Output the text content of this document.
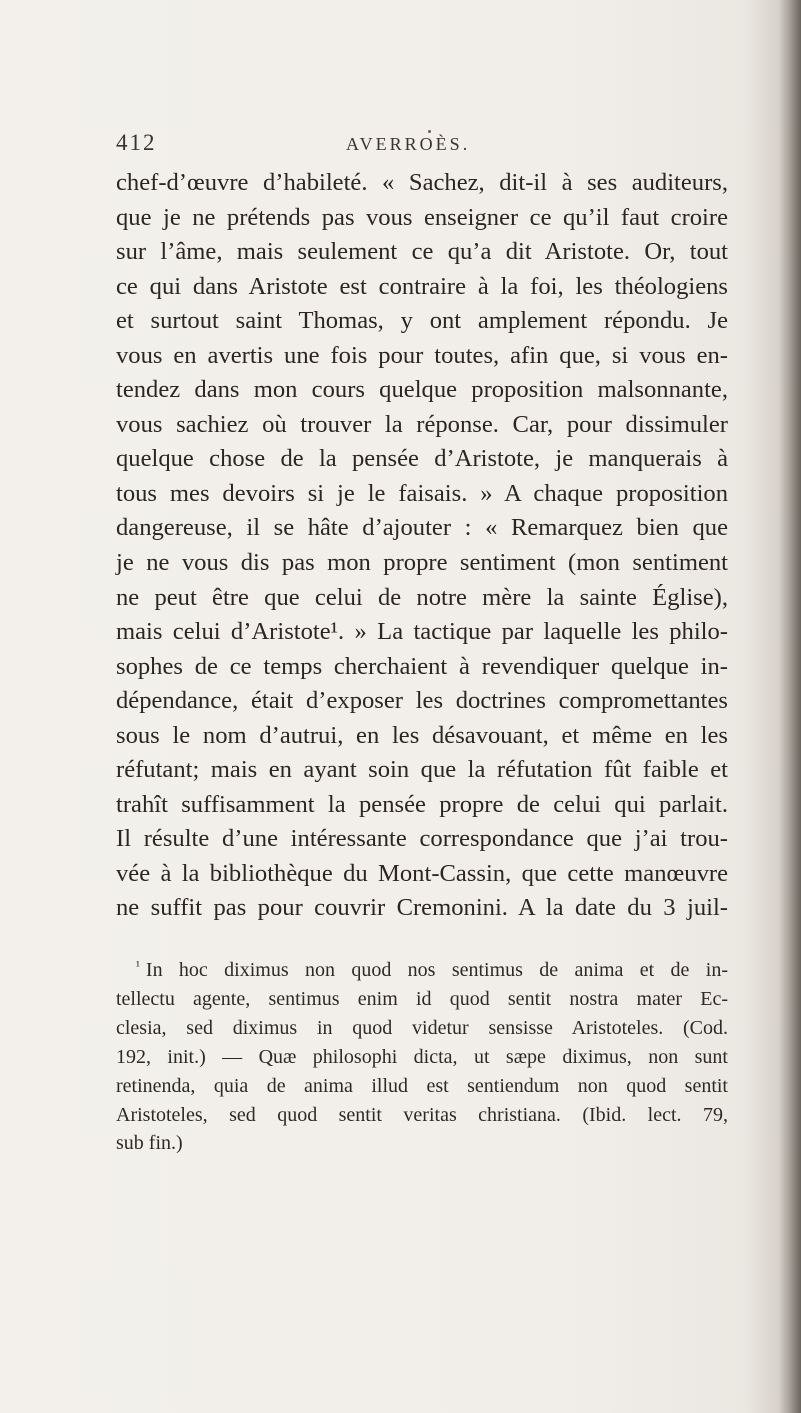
412	AVERROÈS.
chef-d’œuvre d’habileté. « Sachez, dit-il à ses auditeurs,
que je ne prétends pas vous enseigner ce qu’il faut croire
sur l’âme, mais seulement ce qu’a dit Aristote. Or, tout
ce qui dans Aristote est contraire à la foi, les théologiens
et surtout saint Thomas, y ont amplement répondu. Je
vous en avertis une fois pour toutes, afin que, si vous en-
tendez dans mon cours quelque proposition malsonnante,
vous sachiez où trouver la réponse. Car, pour dissimuler
quelque chose de la pensée d’Aristote, je manquerais à
tous mes devoirs si je le faisais. » A chaque proposition
dangereuse, il se hâte d’ajouter : « Remarquez bien que
je ne vous dis pas mon propre sentiment (mon sentiment
ne peut être que celui de notre mère la sainte Église),
mais celui d’Aristote¹. » La tactique par laquelle les philo-
sophes de ce temps cherchaient à revendiquer quelque in-
dépendance, était d’exposer les doctrines compromettantes
sous le nom d’autrui, en les désavouant, et même en les
réfutant; mais en ayant soin que la réfutation fût faible et
trahît suffisamment la pensée propre de celui qui parlait.
Il résulte d’une intéressante correspondance que j’ai trou-
vée à la bibliothèque du Mont-Cassin, que cette manœuvre
ne suffit pas pour couvrir Cremonini. A la date du 3 juil-
$^{^1}$ In hoc diximus non quod nos sentimus de anima et de in-
tellectu agente, sentimus enim id quod sentit nostra mater Ec-
clesia, sed diximus in quod videtur sensisse Aristoteles. (Cod.
192, init.) — Quæ philosophi dicta, ut sæpe diximus, non sunt
retinenda, quia de anima illud est sentiendum non quod sentit
Aristoteles, sed quod sentit veritas christiana. (Ibid. lect. 79,
sub fin.)
